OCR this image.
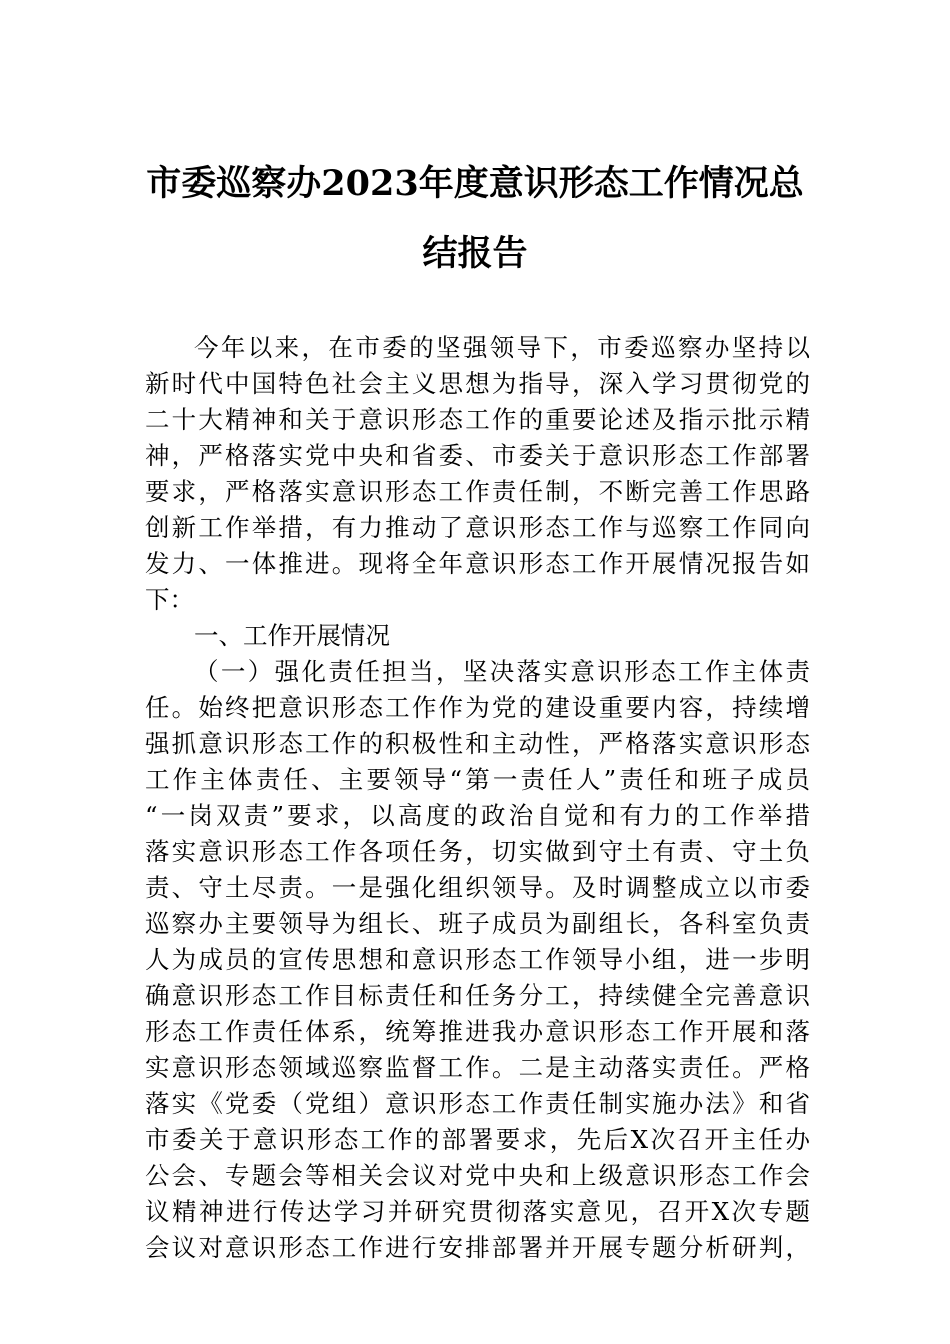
市委巡察办2023年度意识形态工作情况总
结报告
今年以来，在市委的坚强领导下，市委巡察办坚持以
新时代中国特色社会主义思想为指导，深入学习贯彻党的
二十大精神和关于意识形态工作的重要论述及指示批示精
神，严格落实党中央和省委、市委关于意识形态工作部署
要求，严格落实意识形态工作责任制，不断完善工作思路
创新工作举措，有力推动了意识形态工作与巡察工作同向
发力、一体推进。现将全年意识形态工作开展情况报告如
下：
一、工作开展情况
（一）强化责任担当，坚决落实意识形态工作主体责
任。始终把意识形态工作作为党的建设重要内容，持续增
强抓意识形态工作的积极性和主动性，严格落实意识形态
工作主体责任、主要领导“第一责任人”责任和班子成员
“一岗双责”要求，以高度的政治自觉和有力的工作举措
落实意识形态工作各项任务，切实做到守土有责、守土负
责、守土尽责。一是强化组织领导。及时调整成立以市委
巡察办主要领导为组长、班子成员为副组长，各科室负责
人为成员的宣传思想和意识形态工作领导小组，进一步明
确意识形态工作目标责任和任务分工，持续健全完善意识
形态工作责任体系，统筹推进我办意识形态工作开展和落
实意识形态领域巡察监督工作。二是主动落实责任。严格
落实《党委（党组）意识形态工作责任制实施办法》和省
市委关于意识形态工作的部署要求，先后X次召开主任办
公会、专题会等相关会议对党中央和上级意识形态工作会
议精神进行传达学习并研究贯彻落实意见，召开X次专题
会议对意识形态工作进行安排部署并开展专题分析研判，
